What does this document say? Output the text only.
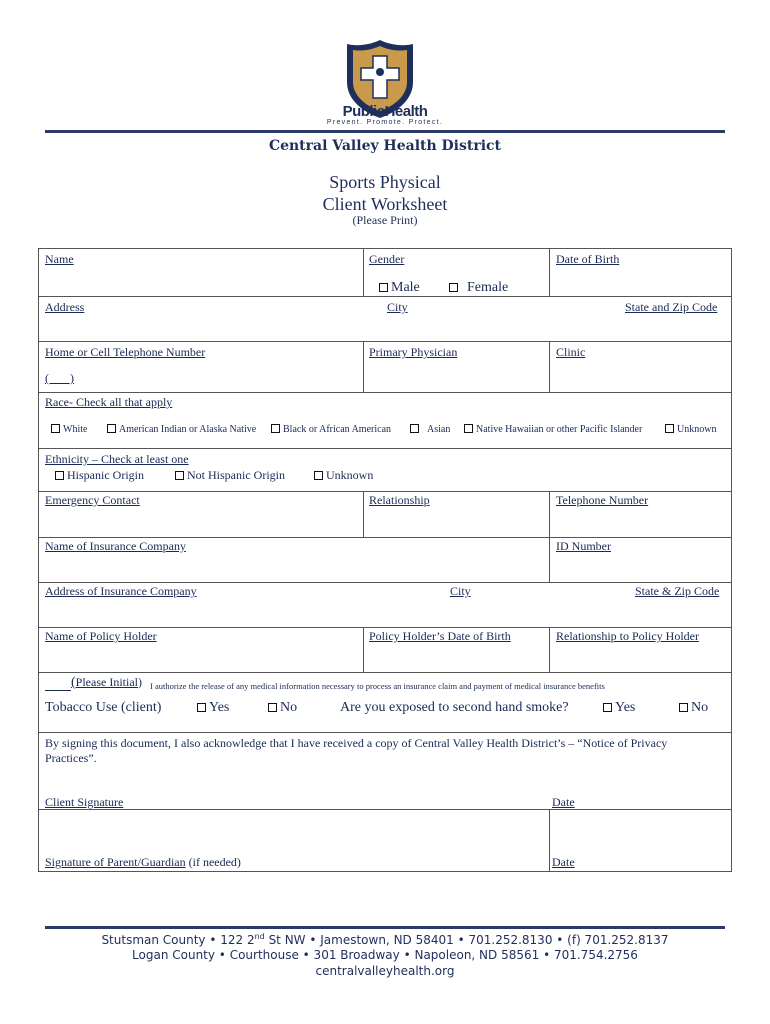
PublicHealth
Prevent. Promote. Protect.
Central Valley Health District
Sports Physical
Client Worksheet
(Please Print)
Name	Gender	Date of Birth
Male	Female
Address	City	State and Zip Code
Home or Cell Telephone Number	Primary Physician	Clinic
(       )
Race- Check all that apply
White	American Indian or Alaska Native	Black or African American	Asian	Native Hawaiian or other Pacific Islander	Unknown
Ethnicity – Check at least one
Hispanic Origin	Not Hispanic Origin	Unknown
Emergency Contact	Relationship	Telephone Number
Name of Insurance Company	ID Number
Address of Insurance Company	City	State & Zip Code
Name of Policy Holder	Policy Holder’s Date of Birth	Relationship to Policy Holder
(Please Initial) I authorize the release of any medical information necessary to process an insurance claim and payment of medical insurance benefits
Tobacco Use (client)	Yes	No	Are you exposed to second hand smoke?	Yes	No
By signing this document, I also acknowledge that I have received a copy of Central Valley Health District’s – “Notice of Privacy Practices”.
Client Signature	Date
Signature of Parent/Guardian (if needed)	Date
Stutsman County • 122 2nd St NW • Jamestown, ND 58401 • 701.252.8130 • (f) 701.252.8137
Logan County • Courthouse • 301 Broadway • Napoleon, ND 58561 • 701.754.2756
centralvalleyhealth.org
